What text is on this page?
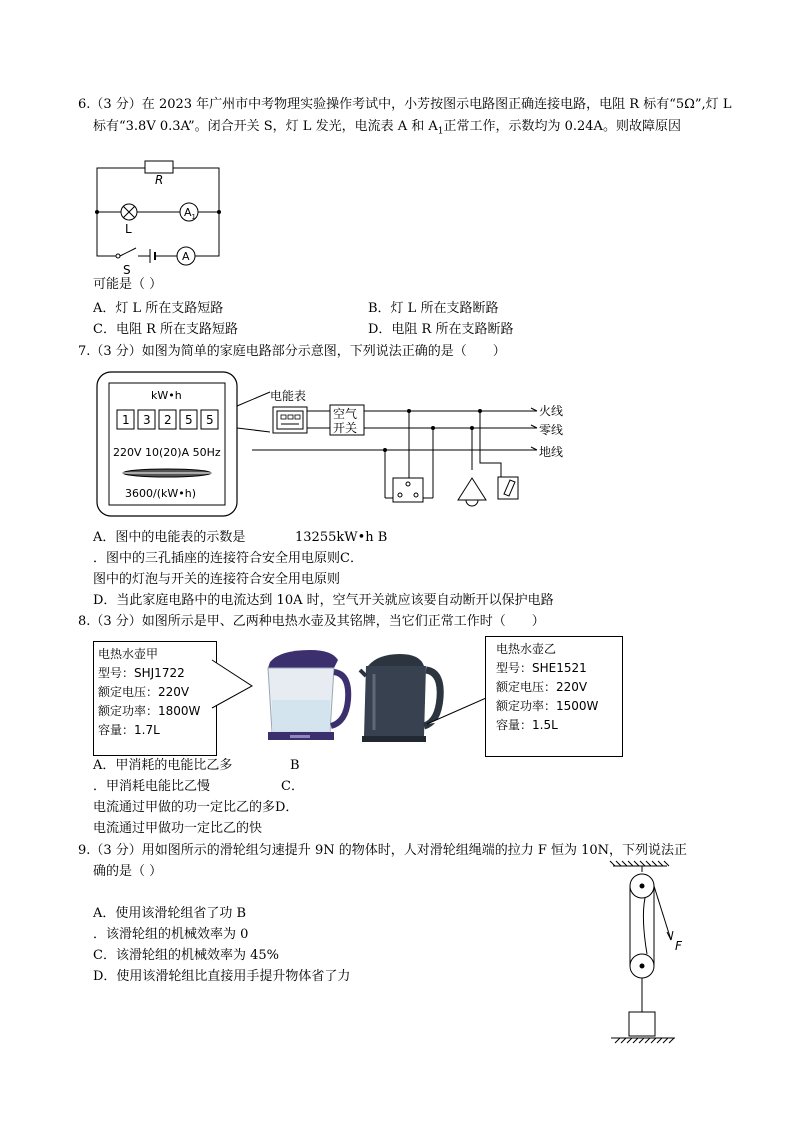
6.（3 分）在 2023 年广州市中考物理实验操作考试中，小芳按图示电路图正确连接电路，电阻 R 标有“5Ω”,灯 L
标有“3.8V 0.3A”。闭合开关 S，灯 L 发光，电流表 A 和 $A_1$正常工作，示数均为 0.24A。则故障原因
R
L
$A_1$
A
S
可能是（ ）
A．灯 L 所在支路短路	B．灯 L 所在支路断路
C．电阻 R 所在支路短路	D．电阻 R 所在支路断路
7.（3 分）如图为简单的家庭电路部分示意图，下列说法正确的是（　　）
kW•h
1 3 2 5 5
220V 10(20)A 50Hz
3600/(kW•h)
电能表
空气
开关
火线
零线
地线
A．图中的电能表的示数是	13255kW•h B
．图中的三孔插座的连接符合安全用电原则C．
图中的灯泡与开关的连接符合安全用电原则
D．当此家庭电路中的电流达到 10A 时，空气开关就应该要自动断开以保护电路
8.（3 分）如图所示是甲、乙两种电热水壶及其铭牌，当它们正常工作时（　　）
电热水壶甲
型号：SHJ1722
额定电压：220V
额定功率：1800W
容量：1.7L
电热水壶乙
型号：SHE1521
额定电压：220V
额定功率：1500W
容量：1.5L
A．甲消耗的电能比乙多	B
．甲消耗电能比乙慢	C．
电流通过甲做的功一定比乙的多D．
电流通过甲做功一定比乙的快
9.（3 分）用如图所示的滑轮组匀速提升 9N 的物体时，人对滑轮组绳端的拉力 F 恒为 10N，下列说法正
确的是（ ）
A．使用该滑轮组省了功 B
．该滑轮组的机械效率为 0
C．该滑轮组的机械效率为 45%
D．使用该滑轮组比直接用手提升物体省了力
F
